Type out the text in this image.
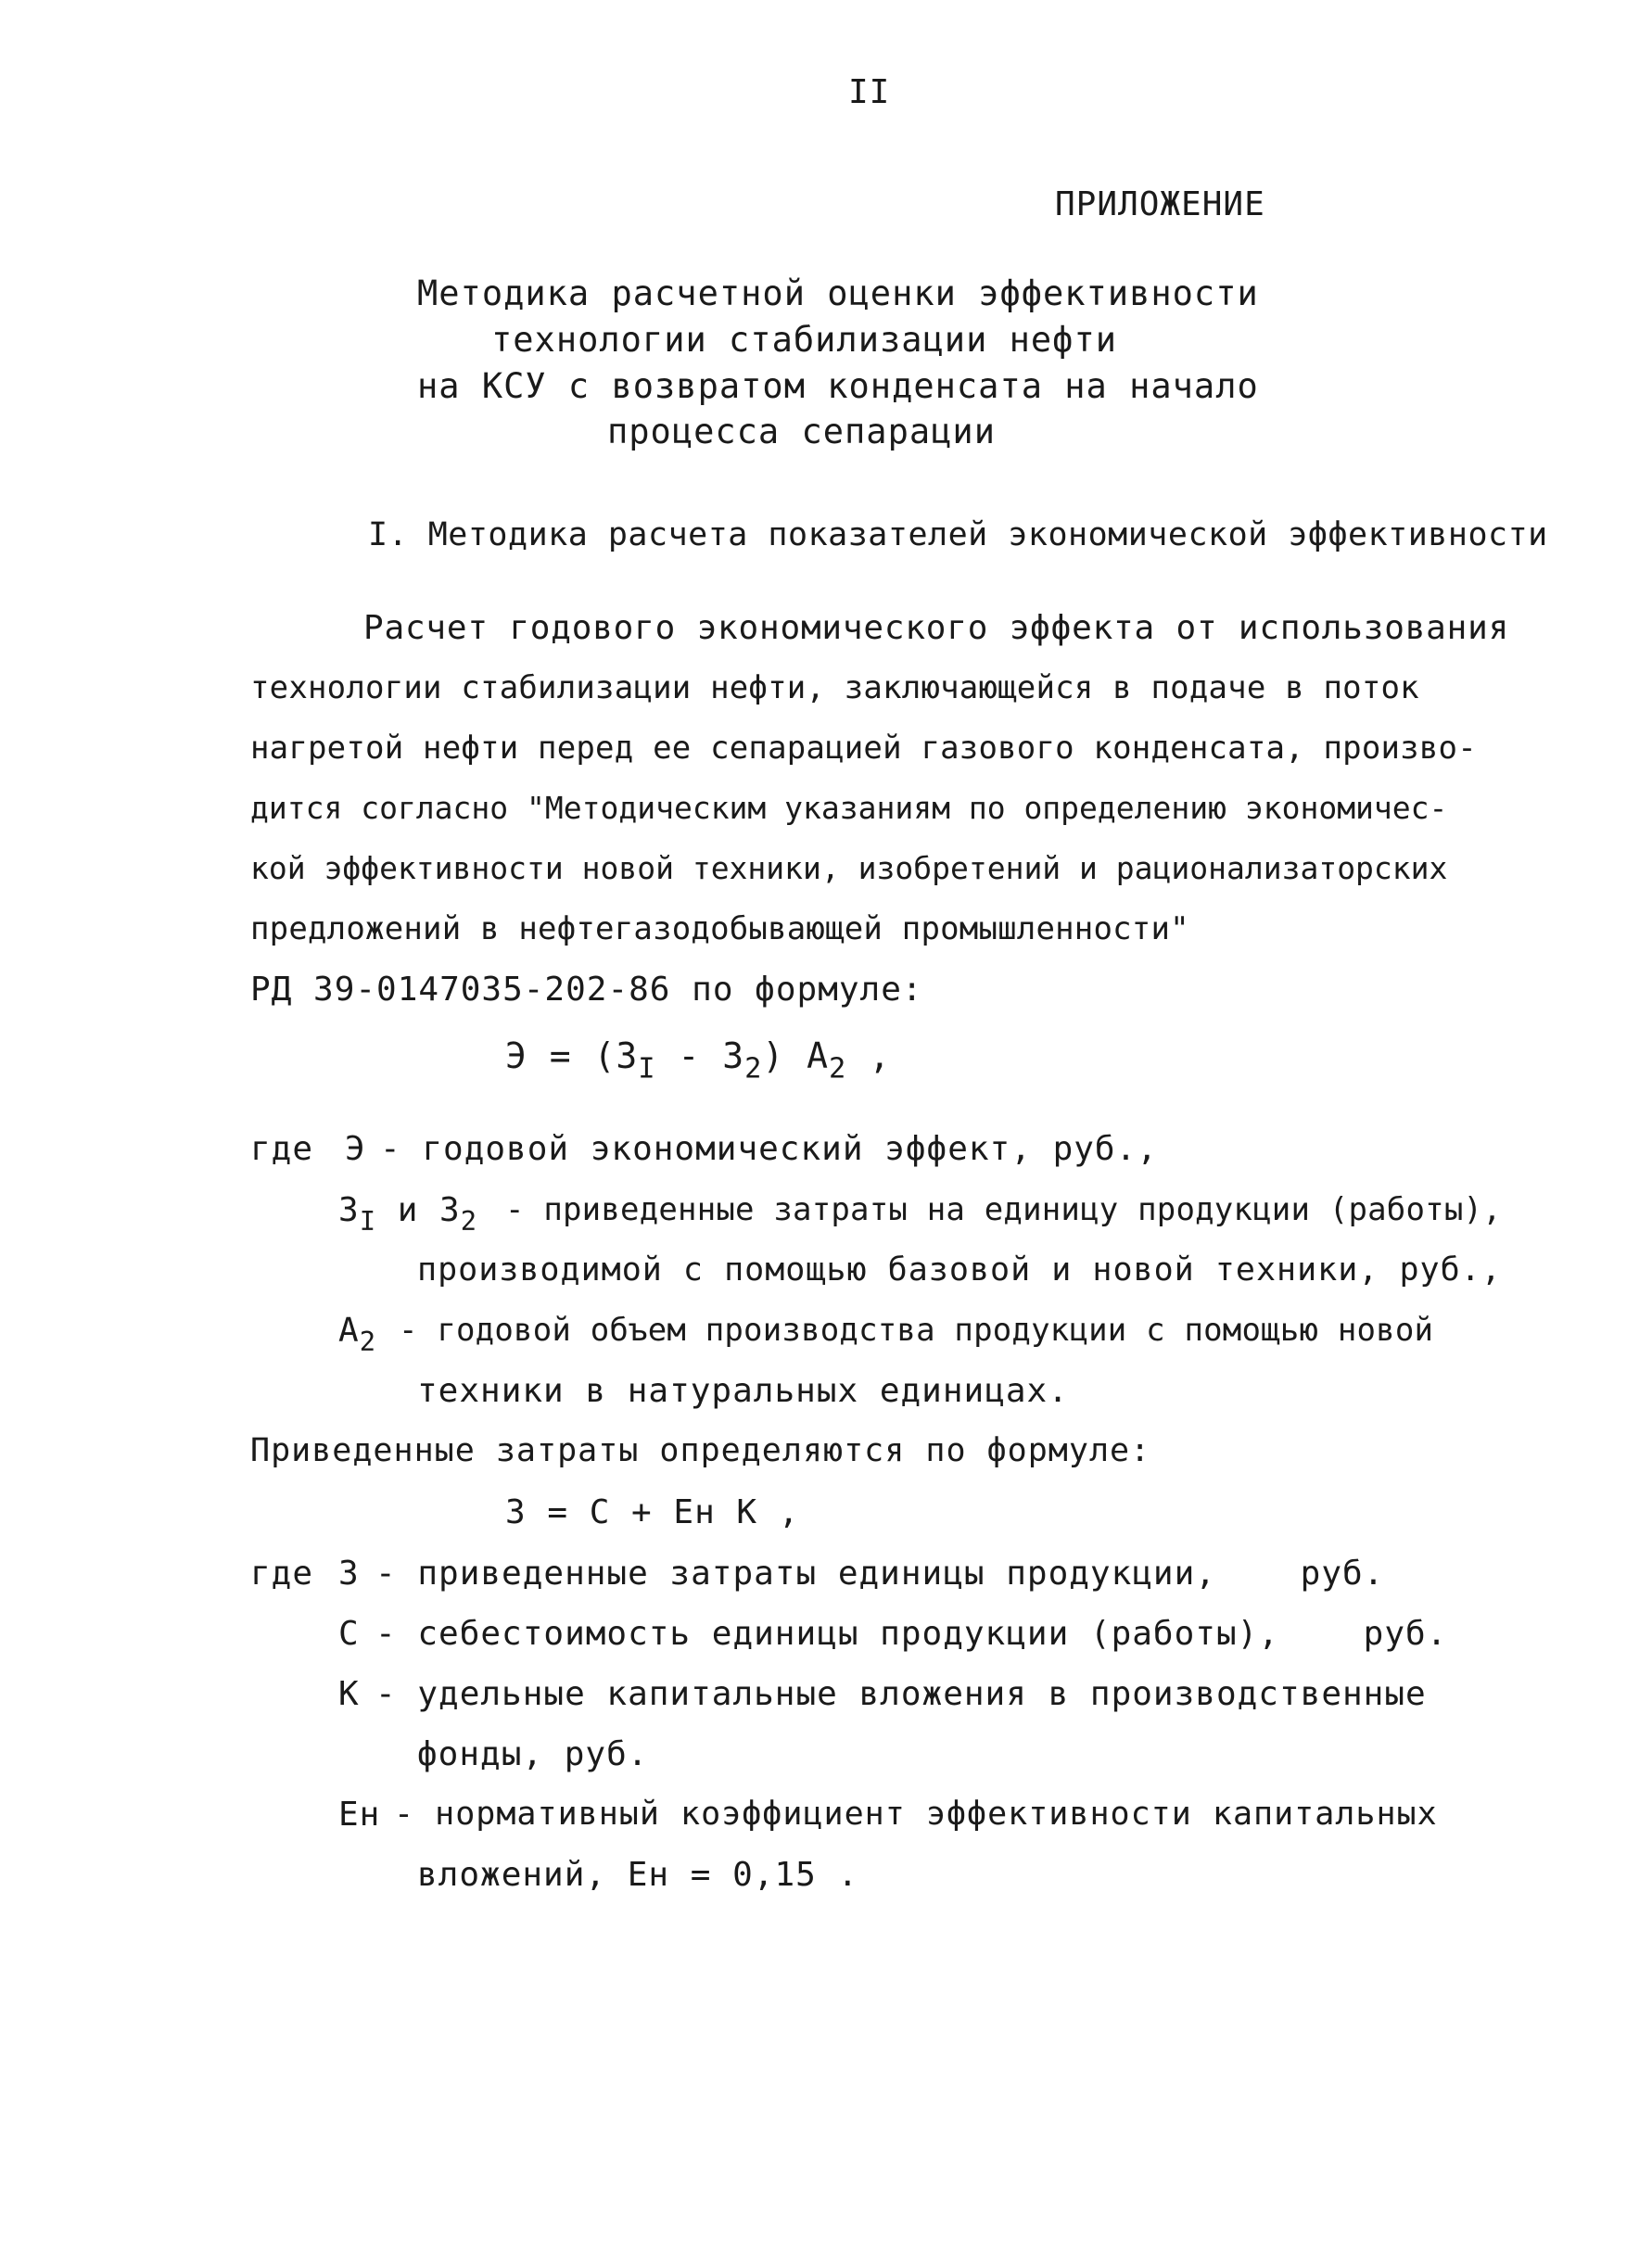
II
ПРИЛОЖЕНИЕ
Методика расчетной оценки эффективности
технологии стабилизации нефти
на КСУ с возвратом конденсата на начало
процесса сепарации
I. Методика расчета показателей экономической эффективности
Расчет годового экономического эффекта от использования
технологии стабилизации нефти, заключающейся в подаче в поток
нагретой нефти перед ее сепарацией газового конденсата, произво-
дится согласно "Методическим указаниям по определению экономичес-
кой эффективности новой техники, изобретений и рационализаторских
предложений в нефтегазодобывающей промышленности"
РД 39-0147035-202-86 по формуле:
$Э = (З_I - З_2)$ $А_2$ ,
где Э - годовой экономический эффект, руб.,
$З_I$ и $З_2$ - приведенные затраты на единицу продукции (работы),
производимой с помощью базовой и новой техники, руб.,
$А_2$ - годовой объем производства продукции с помощью новой
техники в натуральных единицах.
Приведенные затраты определяются по формуле:
З = С + Ен К ,
где З - приведенные затраты единицы продукции,    руб.
С - себестоимость единицы продукции (работы),    руб.
К - удельные капитальные вложения в производственные
фонды, руб.
Ен - нормативный коэффициент эффективности капитальных
вложений, Ен = 0,15 .
